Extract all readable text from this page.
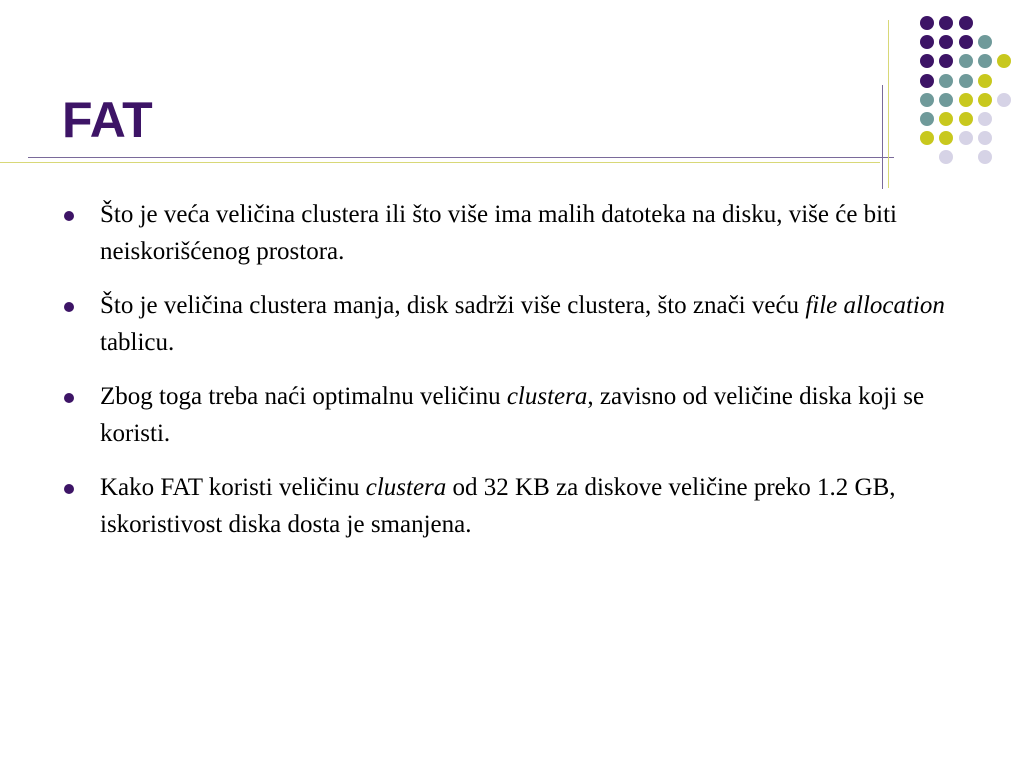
FAT
Što je veća veličina clustera ili što više ima malih datoteka na disku, više će biti neiskorišćenog prostora.
Što je veličina clustera manja, disk sadrži više clustera, što znači veću file allocation tablicu.
Zbog toga treba naći optimalnu veličinu clustera, zavisno od veličine diska koji se koristi.
Kako FAT koristi veličinu clustera od 32 KB za diskove veličine preko 1.2 GB, iskoristivost diska dosta je smanjena.
